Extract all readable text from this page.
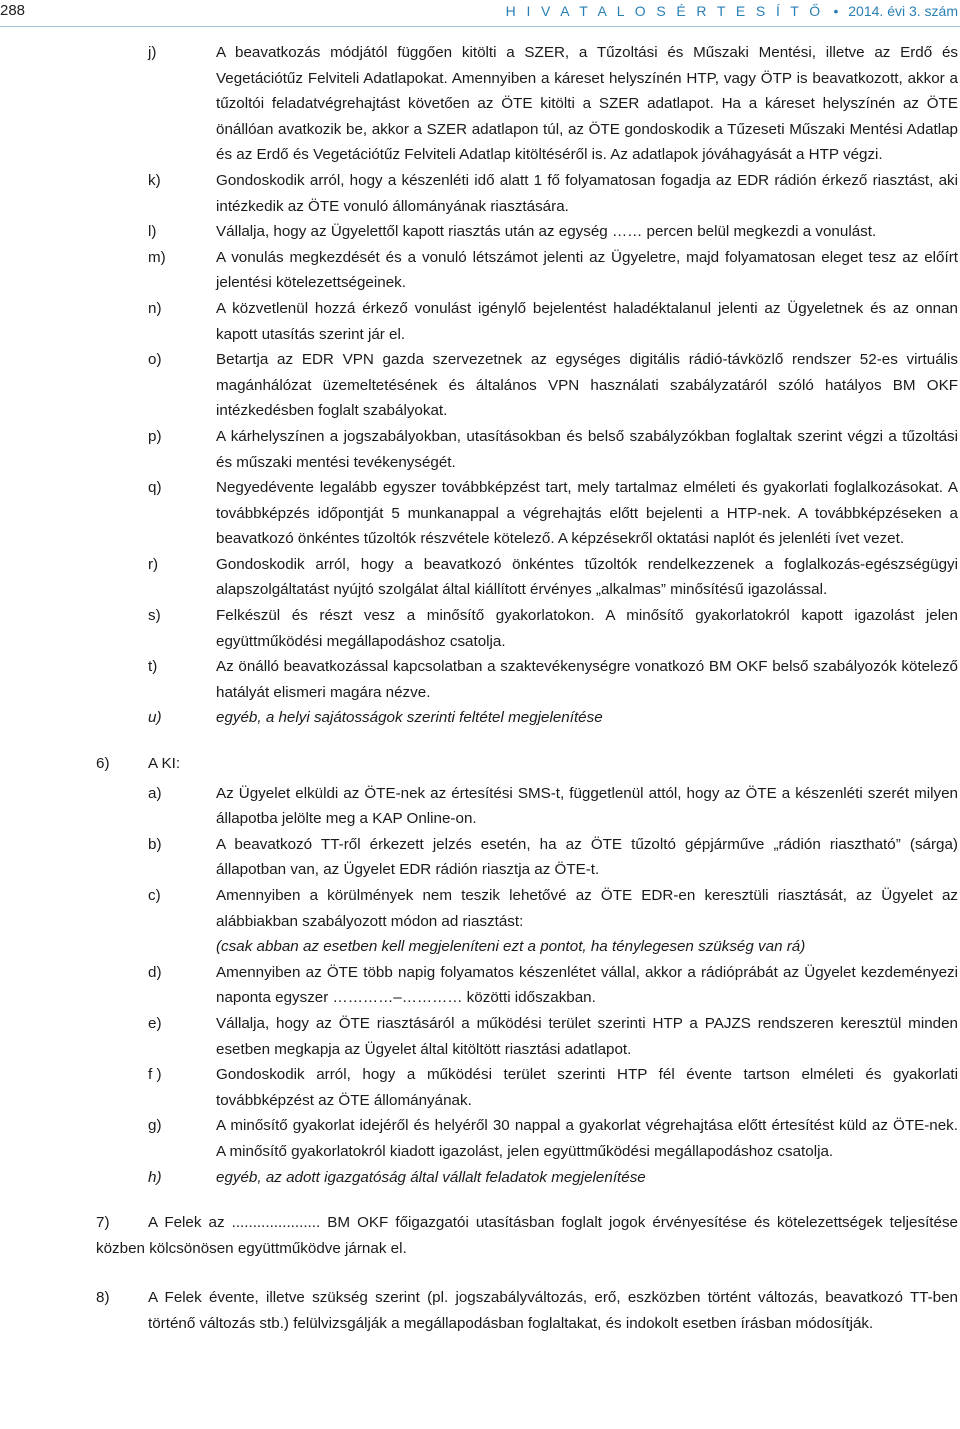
288	H I V A T A L O S É R T E S Í T Ő • 2014. évi 3. szám
j)	A beavatkozás módjától függően kitölti a SZER, a Tűzoltási és Műszaki Mentési, illetve az Erdő és Vegetációtűz Felviteli Adatlapokat. Amennyiben a káreset helyszínén HTP, vagy ÖTP is beavatkozott, akkor a tűzoltói feladatvégrehajtást követően az ÖTE kitölti a SZER adatlapot. Ha a káreset helyszínén az ÖTE önállóan avatkozik be, akkor a SZER adatlapon túl, az ÖTE gondoskodik a Tűzeseti Műszaki Mentési Adatlap és az Erdő és Vegetációtűz Felviteli Adatlap kitöltéséről is. Az adatlapok jóváhagyását a HTP végzi.
k)	Gondoskodik arról, hogy a készenléti idő alatt 1 fő folyamatosan fogadja az EDR rádión érkező riasztást, aki intézkedik az ÖTE vonuló állományának riasztására.
l)	Vállalja, hogy az Ügyelettől kapott riasztás után az egység …… percen belül megkezdi a vonulást.
m)	A vonulás megkezdését és a vonuló létszámot jelenti az Ügyeletre, majd folyamatosan eleget tesz az előírt jelentési kötelezettségeinek.
n)	A közvetlenül hozzá érkező vonulást igénylő bejelentést haladéktalanul jelenti az Ügyeletnek és az onnan kapott utasítás szerint jár el.
o)	Betartja az EDR VPN gazda szervezetnek az egységes digitális rádió-távközlő rendszer 52-es virtuális magánhálózat üzemeltetésének és általános VPN használati szabályzatáról szóló hatályos BM OKF intézkedésben foglalt szabályokat.
p)	A kárhelyszínen a jogszabályokban, utasításokban és belső szabályzókban foglaltak szerint végzi a tűzoltási és műszaki mentési tevékenységét.
q)	Negyedévente legalább egyszer továbbképzést tart, mely tartalmaz elméleti és gyakorlati foglalkozásokat. A továbbképzés időpontját 5 munkanappal a végrehajtás előtt bejelenti a HTP-nek. A továbbképzéseken a beavatkozó önkéntes tűzoltók részvétele kötelező. A képzésekről oktatási naplót és jelenléti ívet vezet.
r)	Gondoskodik arról, hogy a beavatkozó önkéntes tűzoltók rendelkezzenek a foglalkozás-egészségügyi alapszolgáltatást nyújtó szolgálat által kiállított érvényes „alkalmas” minősítésű igazolással.
s)	Felkészül és részt vesz a minősítő gyakorlatokon. A minősítő gyakorlatokról kapott igazolást jelen együttműködési megállapodáshoz csatolja.
t)	Az önálló beavatkozással kapcsolatban a szaktevékenységre vonatkozó BM OKF belső szabályozók kötelező hatályát elismeri magára nézve.
u)	egyéb, a helyi sajátosságok szerinti feltétel megjelenítése
6)	A KI:
a)	Az Ügyelet elküldi az ÖTE-nek az értesítési SMS-t, függetlenül attól, hogy az ÖTE a készenléti szerét milyen állapotba jelölte meg a KAP Online-on.
b)	A beavatkozó TT-ről érkezett jelzés esetén, ha az ÖTE tűzoltó gépjárműve „rádión riasztható” (sárga) állapotban van, az Ügyelet EDR rádión riasztja az ÖTE-t.
c)	Amennyiben a körülmények nem teszik lehetővé az ÖTE EDR-en keresztüli riasztását, az Ügyelet az alábbiakban szabályozott módon ad riasztást:
(csak abban az esetben kell megjeleníteni ezt a pontot, ha ténylegesen szükség van rá)
d)	Amennyiben az ÖTE több napig folyamatos készenlétet vállal, akkor a rádióprábát az Ügyelet kezdeményezi naponta egyszer …………–………… közötti időszakban.
e)	Vállalja, hogy az ÖTE riasztásáról a működési terület szerinti HTP a PAJZS rendszeren keresztül minden esetben megkapja az Ügyelet által kitöltött riasztási adatlapot.
f )	Gondoskodik arról, hogy a működési terület szerinti HTP fél évente tartson elméleti és gyakorlati továbbképzést az ÖTE állományának.
g)	A minősítő gyakorlat idejéről és helyéről 30 nappal a gyakorlat végrehajtása előtt értesítést küld az ÖTE-nek. A minősítő gyakorlatokról kiadott igazolást, jelen együttműködési megállapodáshoz csatolja.
h)	egyéb, az adott igazgatóság által vállalt feladatok megjelenítése
7)	A Felek az ..................... BM OKF főigazgatói utasításban foglalt jogok érvényesítése és kötelezettségek teljesítése közben kölcsönösen együttműködve járnak el.
8)	A Felek évente, illetve szükség szerint (pl. jogszabályváltozás, erő, eszközben történt változás, beavatkozó TT-ben történő változás stb.) felülvizsgálják a megállapodásban foglaltakat, és indokolt esetben írásban módosítják.
